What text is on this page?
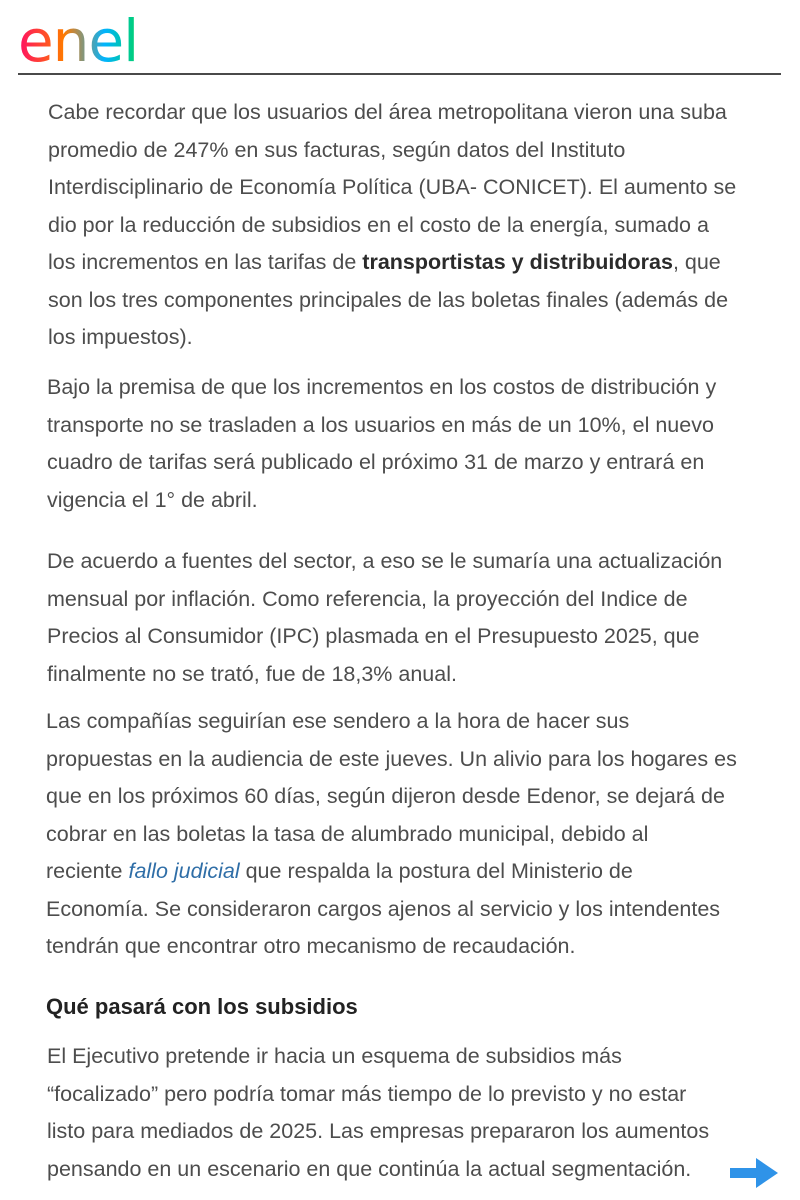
enel

Cabe recordar que los usuarios del área metropolitana vieron una suba
promedio de 247% en sus facturas, según datos del Instituto
Interdisciplinario de Economía Política (UBA- CONICET). El aumento se
dio por la reducción de subsidios en el costo de la energía, sumado a
los incrementos en las tarifas de transportistas y distribuidoras, que
son los tres componentes principales de las boletas finales (además de
los impuestos).

Bajo la premisa de que los incrementos en los costos de distribución y
transporte no se trasladen a los usuarios en más de un 10%, el nuevo
cuadro de tarifas será publicado el próximo 31 de marzo y entrará en
vigencia el 1° de abril.

De acuerdo a fuentes del sector, a eso se le sumaría una actualización
mensual por inflación. Como referencia, la proyección del Indice de
Precios al Consumidor (IPC) plasmada en el Presupuesto 2025, que
finalmente no se trató, fue de 18,3% anual.

Las compañías seguirían ese sendero a la hora de hacer sus
propuestas en la audiencia de este jueves. Un alivio para los hogares es
que en los próximos 60 días, según dijeron desde Edenor, se dejará de
cobrar en las boletas la tasa de alumbrado municipal, debido al
reciente fallo judicial que respalda la postura del Ministerio de
Economía. Se consideraron cargos ajenos al servicio y los intendentes
tendrán que encontrar otro mecanismo de recaudación.

Qué pasará con los subsidios

El Ejecutivo pretende ir hacia un esquema de subsidios más
“focalizado” pero podría tomar más tiempo de lo previsto y no estar
listo para mediados de 2025. Las empresas prepararon los aumentos
pensando en un escenario en que continúa la actual segmentación.
